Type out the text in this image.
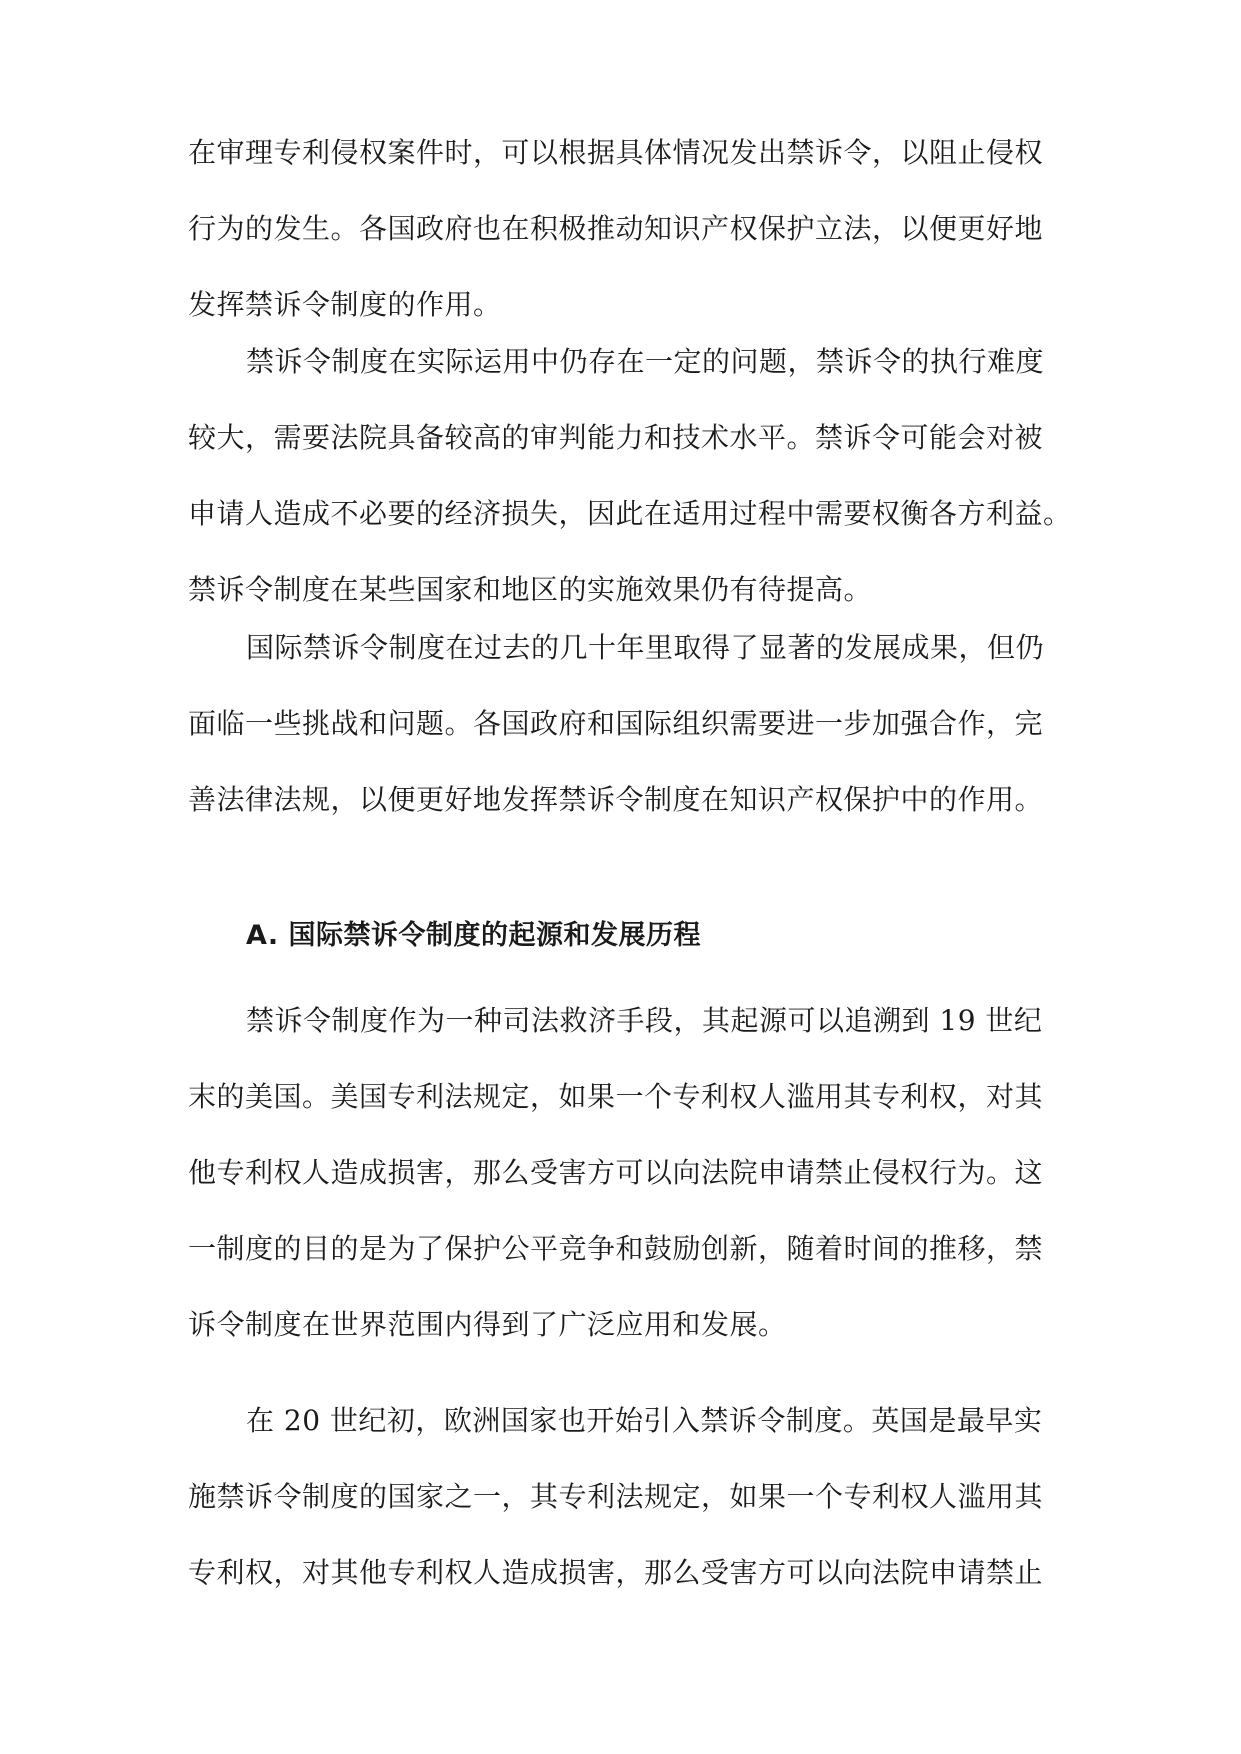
在审理专利侵权案件时，可以根据具体情况发出禁诉令，以阻止侵权
行为的发生。各国政府也在积极推动知识产权保护立法，以便更好地
发挥禁诉令制度的作用。
禁诉令制度在实际运用中仍存在一定的问题，禁诉令的执行难度
较大，需要法院具备较高的审判能力和技术水平。禁诉令可能会对被
申请人造成不必要的经济损失，因此在适用过程中需要权衡各方利益。
禁诉令制度在某些国家和地区的实施效果仍有待提高。
国际禁诉令制度在过去的几十年里取得了显著的发展成果，但仍
面临一些挑战和问题。各国政府和国际组织需要进一步加强合作，完
善法律法规，以便更好地发挥禁诉令制度在知识产权保护中的作用。
A. 国际禁诉令制度的起源和发展历程
禁诉令制度作为一种司法救济手段，其起源可以追溯到 19 世纪
末的美国。美国专利法规定，如果一个专利权人滥用其专利权，对其
他专利权人造成损害，那么受害方可以向法院申请禁止侵权行为。这
一制度的目的是为了保护公平竞争和鼓励创新，随着时间的推移，禁
诉令制度在世界范围内得到了广泛应用和发展。
在 20 世纪初，欧洲国家也开始引入禁诉令制度。英国是最早实
施禁诉令制度的国家之一，其专利法规定，如果一个专利权人滥用其
专利权，对其他专利权人造成损害，那么受害方可以向法院申请禁止
